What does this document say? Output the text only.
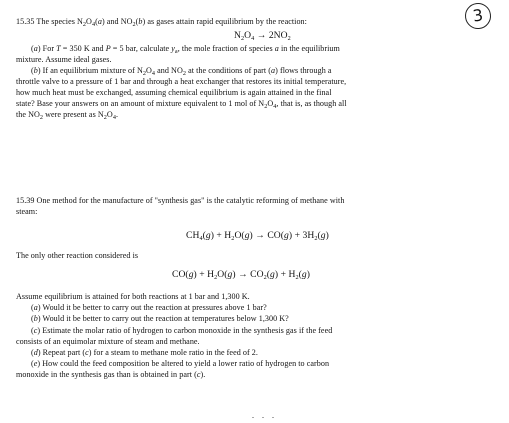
3
15.35 The species $N_2O_4(a)$ and $NO_2(b)$ as gases attain rapid equilibrium by the reaction:
$N_2O_4 \to 2NO_2$
(a) For T = 350 K and P = 5 bar, calculate $y_a$, the mole fraction of species a in the equilibrium
mixture. Assume ideal gases.
(b) If an equilibrium mixture of $N_2O_4$ and $NO_2$ at the conditions of part (a) flows through a
throttle valve to a pressure of 1 bar and through a heat exchanger that restores its initial temperature,
how much heat must be exchanged, assuming chemical equilibrium is again attained in the final
state? Base your answers on an amount of mixture equivalent to 1 mol of $N_2O_4$, that is, as though all
the $NO_2$ were present as $N_2O_4$.
15.39 One method for the manufacture of "synthesis gas" is the catalytic reforming of methane with
steam:
$CH_4(g) + H_2O(g) \to CO(g) + 3H_2(g)$
The only other reaction considered is
$CO(g) + H_2O(g) \to CO_2(g) + H_2(g)$
Assume equilibrium is attained for both reactions at 1 bar and 1,300 K.
(a) Would it be better to carry out the reaction at pressures above 1 bar?
(b) Would it be better to carry out the reaction at temperatures below 1,300 K?
(c) Estimate the molar ratio of hydrogen to carbon monoxide in the synthesis gas if the feed
consists of an equimolar mixture of steam and methane.
(d) Repeat part (c) for a steam to methane mole ratio in the feed of 2.
(e) How could the feed composition be altered to yield a lower ratio of hydrogen to carbon
monoxide in the synthesis gas than is obtained in part (c).
. . .
